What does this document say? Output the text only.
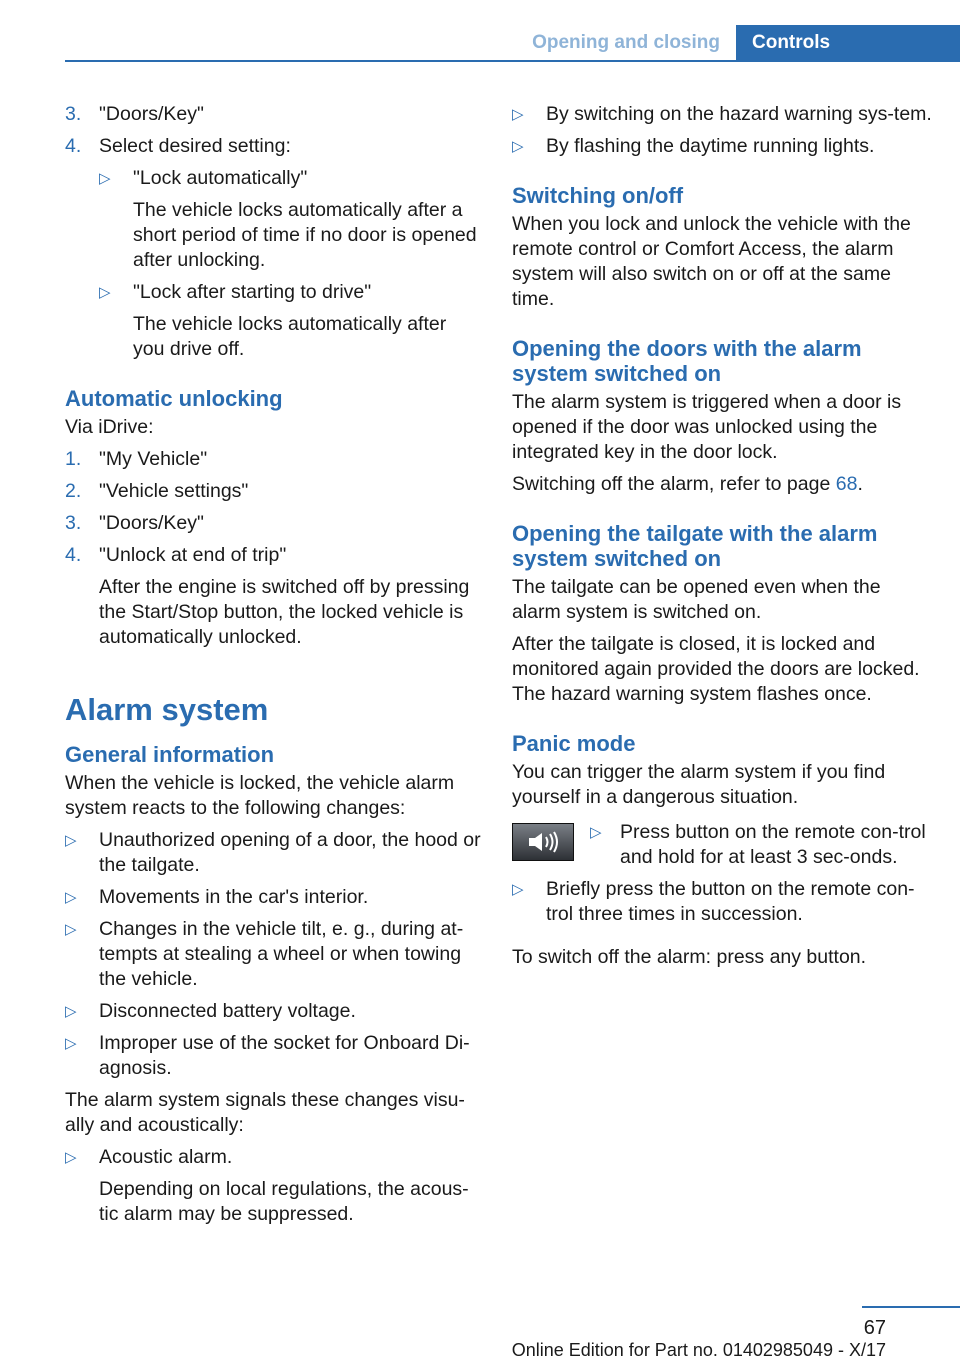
Opening and closing	Controls
3. "Doors/Key"
4. Select desired setting:
▷ "Lock automatically"
The vehicle locks automatically after a short period of time if no door is opened after unlocking.
▷ "Lock after starting to drive"
The vehicle locks automatically after you drive off.
Automatic unlocking

Via iDrive:

1. "My Vehicle"
2. "Vehicle settings"
3. "Doors/Key"
4. "Unlock at end of trip"
After the engine is switched off by pressing the Start/Stop button, the locked vehicle is automatically unlocked.
Alarm system
General information

When the vehicle is locked, the vehicle alarm system reacts to the following changes:

▷ Unauthorized opening of a door, the hood or the tailgate.
▷ Movements in the car's interior.
▷ Changes in the vehicle tilt, e. g., during at‐tempts at stealing a wheel or when towing the vehicle.
▷ Disconnected battery voltage.
▷ Improper use of the socket for Onboard Di‐agnosis.

The alarm system signals these changes visu‐ally and acoustically:

▷ Acoustic alarm.
Depending on local regulations, the acous‐tic alarm may be suppressed.
▷ By switching on the hazard warning sys‐tem.
▷ By flashing the daytime running lights.
Switching on/off

When you lock and unlock the vehicle with the remote control or Comfort Access, the alarm system will also switch on or off at the same time.

Opening the doors with the alarm system switched on

The alarm system is triggered when a door is opened if the door was unlocked using the integrated key in the door lock.

Switching off the alarm, refer to page 68.

Opening the tailgate with the alarm system switched on

The tailgate can be opened even when the alarm system is switched on.

After the tailgate is closed, it is locked and monitored again provided the doors are locked. The hazard warning system flashes once.

Panic mode

You can trigger the alarm system if you find yourself in a dangerous situation.

▷ Press button on the remote con‐trol and hold for at least 3 sec‐onds.
▷ Briefly press the button on the remote con‐trol three times in succession.

To switch off the alarm: press any button.

67
Online Edition for Part no. 01402985049 - X/17
